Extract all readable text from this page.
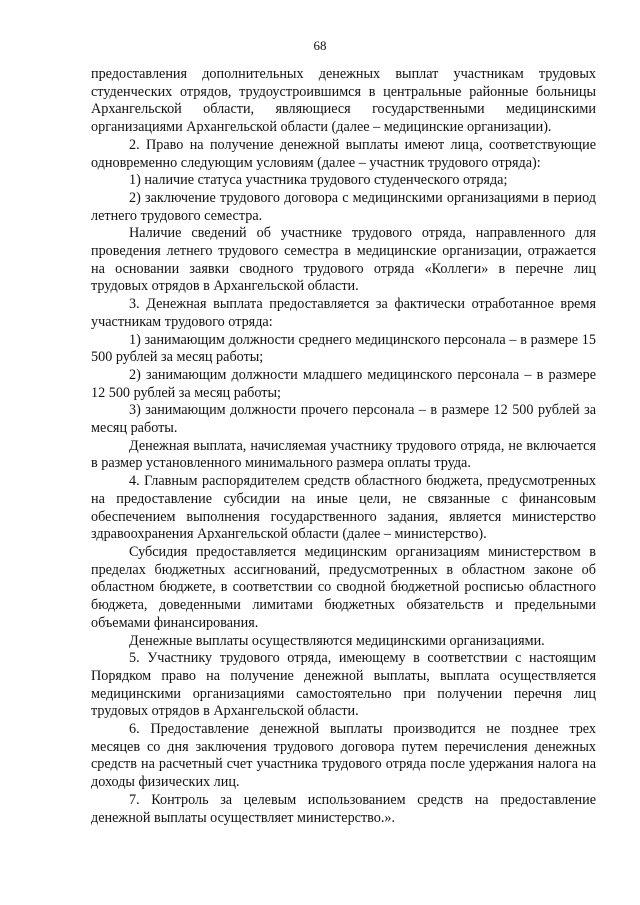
68

предоставления дополнительных денежных выплат участникам трудовых студенческих отрядов, трудоустроившимся в центральные районные больницы Архангельской области, являющиеся государственными медицинскими организациями Архангельской области (далее – медицинские организации).

2. Право на получение денежной выплаты имеют лица, соответствующие одновременно следующим условиям (далее – участник трудового отряда):

1) наличие статуса участника трудового студенческого отряда;

2) заключение трудового договора с медицинскими организациями в период летнего трудового семестра.

Наличие сведений об участнике трудового отряда, направленного для проведения летнего трудового семестра в медицинские организации, отражается на основании заявки сводного трудового отряда «Коллеги» в перечне лиц трудовых отрядов в Архангельской области.

3. Денежная выплата предоставляется за фактически отработанное время участникам трудового отряда:

1) занимающим должности среднего медицинского персонала – в размере 15 500 рублей за месяц работы;

2) занимающим должности младшего медицинского персонала – в размере 12 500 рублей за месяц работы;

3) занимающим должности прочего персонала – в размере 12 500 рублей за месяц работы.

Денежная выплата, начисляемая участнику трудового отряда, не включается в размер установленного минимального размера оплаты труда.

4. Главным распорядителем средств областного бюджета, предусмотренных на предоставление субсидии на иные цели, не связанные с финансовым обеспечением выполнения государственного задания, является министерство здравоохранения Архангельской области (далее – министерство).

Субсидия предоставляется медицинским организациям министерством в пределах бюджетных ассигнований, предусмотренных в областном законе об областном бюджете, в соответствии со сводной бюджетной росписью областного бюджета, доведенными лимитами бюджетных обязательств и предельными объемами финансирования.

Денежные выплаты осуществляются медицинскими организациями.

5. Участнику трудового отряда, имеющему в соответствии с настоящим Порядком право на получение денежной выплаты, выплата осуществляется медицинскими организациями самостоятельно при получении перечня лиц трудовых отрядов в Архангельской области.

6. Предоставление денежной выплаты производится не позднее трех месяцев со дня заключения трудового договора путем перечисления денежных средств на расчетный счет участника трудового отряда после удержания налога на доходы физических лиц.

7. Контроль за целевым использованием средств на предоставление денежной выплаты осуществляет министерство.».
